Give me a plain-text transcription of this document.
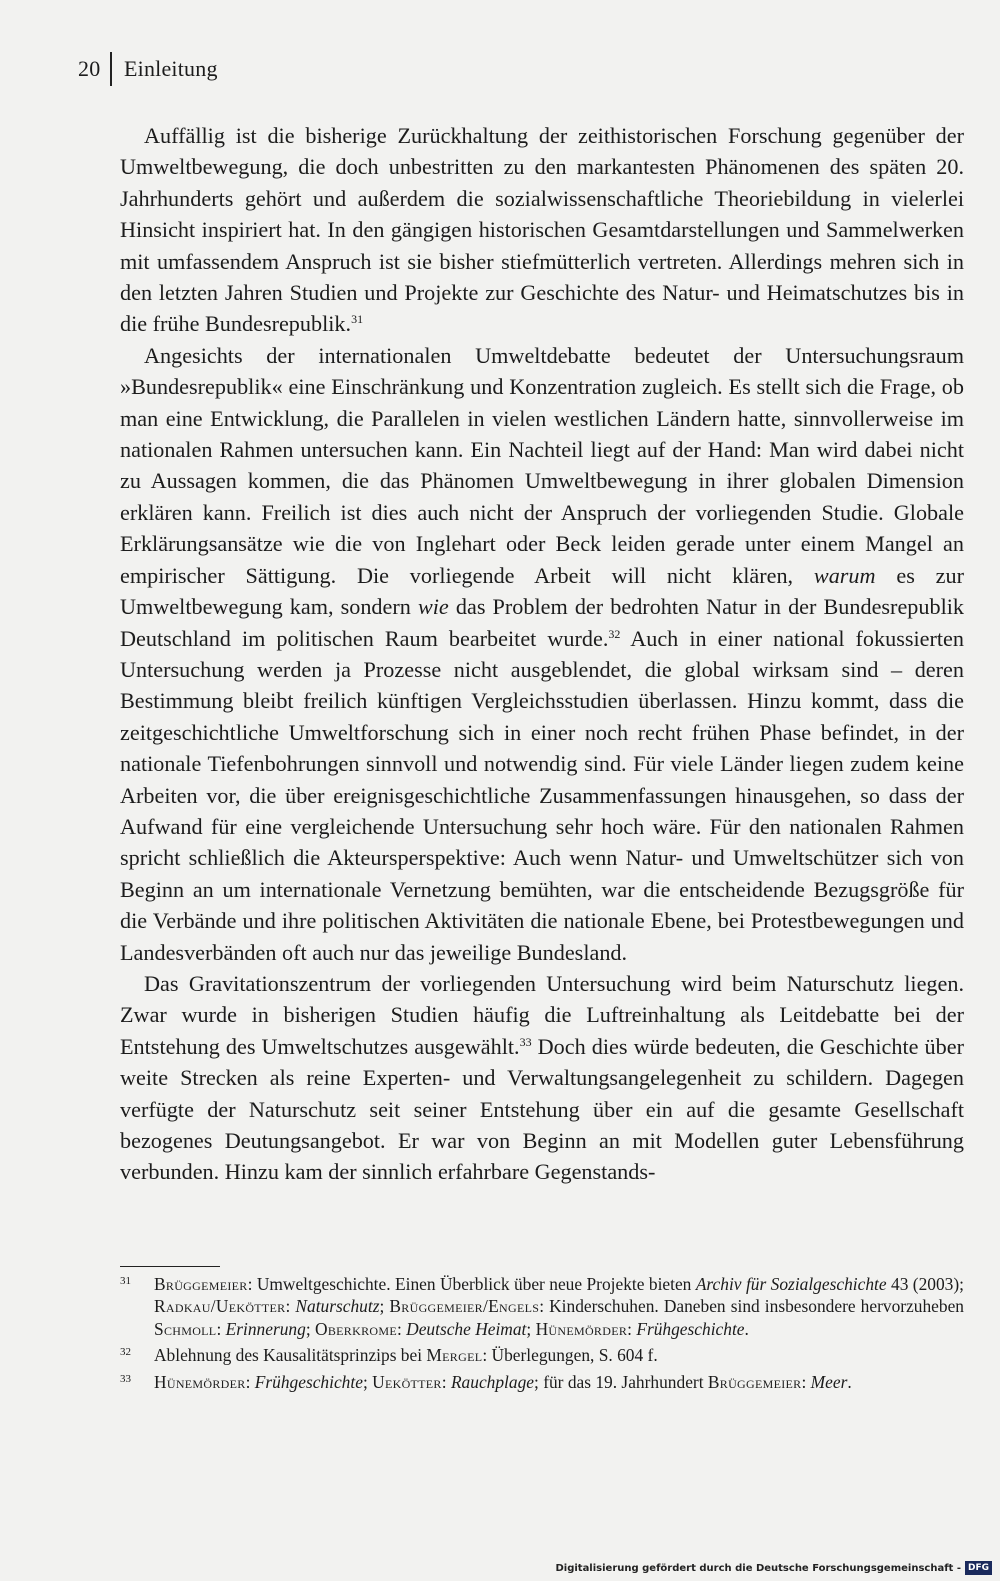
20 Einleitung

Auffällig ist die bisherige Zurückhaltung der zeithistorischen Forschung gegenüber der Umweltbewegung, die doch unbestritten zu den markantesten Phänomenen des späten 20. Jahrhunderts gehört und außerdem die sozialwissenschaftliche Theoriebildung in vielerlei Hinsicht inspiriert hat. In den gängigen historischen Gesamtdarstellungen und Sammelwerken mit umfassendem Anspruch ist sie bisher stiefmütterlich vertreten. Allerdings mehren sich in den letzten Jahren Studien und Projekte zur Geschichte des Natur- und Heimatschutzes bis in die frühe Bundesrepublik.$^{31}$

Angesichts der internationalen Umweltdebatte bedeutet der Untersuchungsraum »Bundesrepublik« eine Einschränkung und Konzentration zugleich. Es stellt sich die Frage, ob man eine Entwicklung, die Parallelen in vielen westlichen Ländern hatte, sinnvollerweise im nationalen Rahmen untersuchen kann. Ein Nachteil liegt auf der Hand: Man wird dabei nicht zu Aussagen kommen, die das Phänomen Umweltbewegung in ihrer globalen Dimension erklären kann. Freilich ist dies auch nicht der Anspruch der vorliegenden Studie. Globale Erklärungsansätze wie die von Inglehart oder Beck leiden gerade unter einem Mangel an empirischer Sättigung. Die vorliegende Arbeit will nicht klären, warum es zur Umweltbewegung kam, sondern wie das Problem der bedrohten Natur in der Bundesrepublik Deutschland im politischen Raum bearbeitet wurde.$^{32}$ Auch in einer national fokussierten Untersuchung werden ja Prozesse nicht ausgeblendet, die global wirksam sind – deren Bestimmung bleibt freilich künftigen Vergleichsstudien überlassen. Hinzu kommt, dass die zeitgeschichtliche Umweltforschung sich in einer noch recht frühen Phase befindet, in der nationale Tiefenbohrungen sinnvoll und notwendig sind. Für viele Länder liegen zudem keine Arbeiten vor, die über ereignisgeschichtliche Zusammenfassungen hinausgehen, so dass der Aufwand für eine vergleichende Untersuchung sehr hoch wäre. Für den nationalen Rahmen spricht schließlich die Akteursperspektive: Auch wenn Natur- und Umweltschützer sich von Beginn an um internationale Vernetzung bemühten, war die entscheidende Bezugsgröße für die Verbände und ihre politischen Aktivitäten die nationale Ebene, bei Protestbewegungen und Landesverbänden oft auch nur das jeweilige Bundesland.

Das Gravitationszentrum der vorliegenden Untersuchung wird beim Naturschutz liegen. Zwar wurde in bisherigen Studien häufig die Luftreinhaltung als Leitdebatte bei der Entstehung des Umweltschutzes ausgewählt.$^{33}$ Doch dies würde bedeuten, die Geschichte über weite Strecken als reine Experten- und Verwaltungsangelegenheit zu schildern. Dagegen verfügte der Naturschutz seit seiner Entstehung über ein auf die gesamte Gesellschaft bezogenes Deutungsangebot. Er war von Beginn an mit Modellen guter Lebensführung verbunden. Hinzu kam der sinnlich erfahrbare Gegenstands-

31 Brüggemeier: Umweltgeschichte. Einen Überblick über neue Projekte bieten Archiv für Sozialgeschichte 43 (2003); Radkau/Uekötter: Naturschutz; Brüggemeier/Engels: Kinderschuhen. Daneben sind insbesondere hervorzuheben Schmoll: Erinnerung; Oberkrome: Deutsche Heimat; Hünemörder: Frühgeschichte.
32 Ablehnung des Kausalitätsprinzips bei Mergel: Überlegungen, S. 604 f.
33 Hünemörder: Frühgeschichte; Uekötter: Rauchplage; für das 19. Jahrhundert Brüggemeier: Meer.
Digitalisierung gefördert durch die Deutsche Forschungsgemeinschaft - DFG
